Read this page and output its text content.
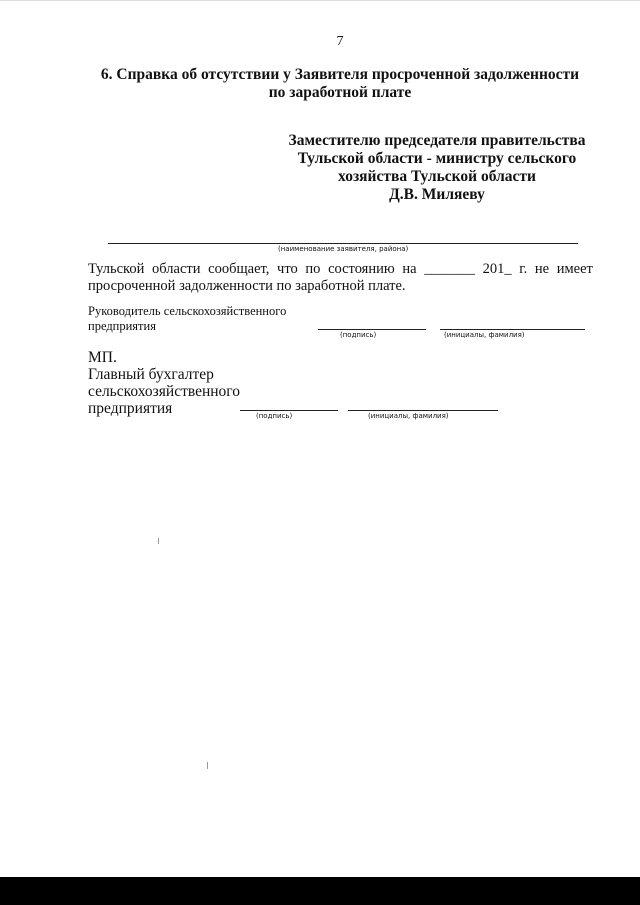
7
6. Справка об отсутствии у Заявителя просроченной задолженности
по заработной плате
Заместителю председателя правительства
Тульской области - министру сельского
хозяйства Тульской области
Д.В. Миляеву
(наименование заявителя, района)
Тульской области сообщает, что по состоянию на _______ 201_ г. не имеет
просроченной задолженности по заработной плате.
Руководитель сельскохозяйственного
предприятия
(подпись)	(инициалы, фамилия)
МП.
Главный бухгалтер
сельскохозяйственного
предприятия	(подпись)	(инициалы, фамилия)
